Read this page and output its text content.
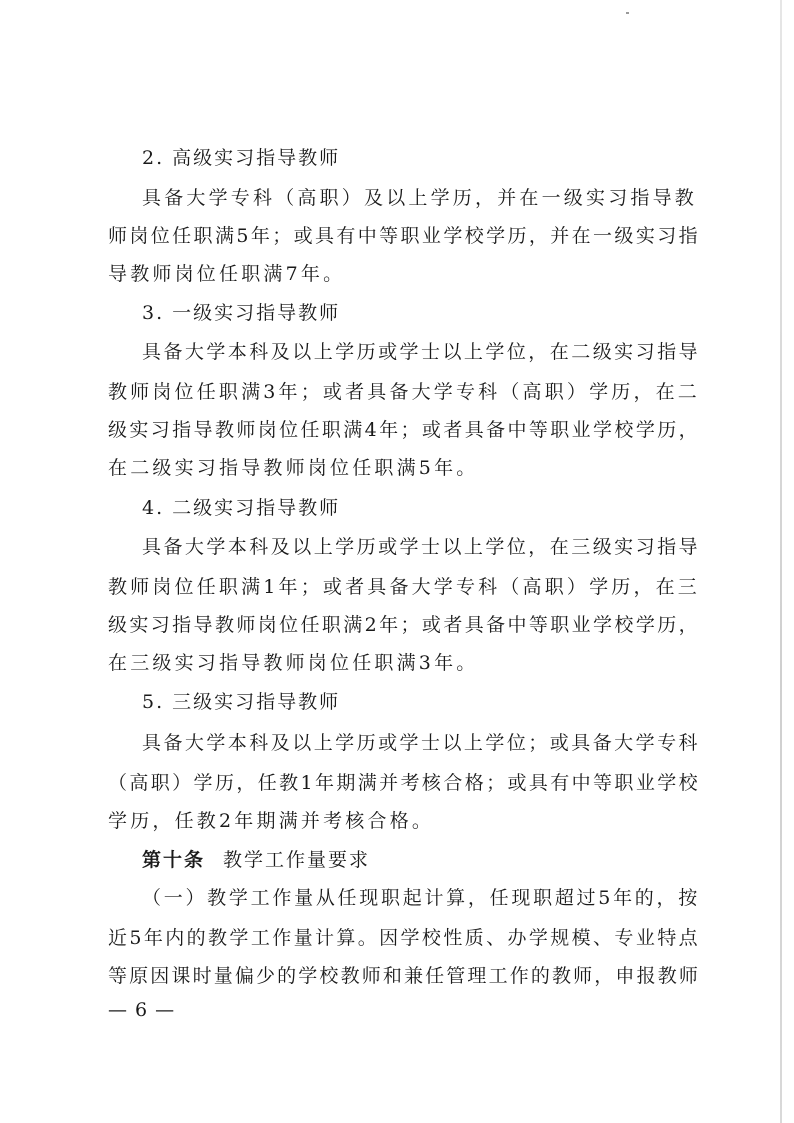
2. 高级实习指导教师
具备大学专科（高职）及以上学历，并在一级实习指导教
师岗位任职满5年；或具有中等职业学校学历，并在一级实习指
导教师岗位任职满7年。
3. 一级实习指导教师
具备大学本科及以上学历或学士以上学位，在二级实习指导
教师岗位任职满3年；或者具备大学专科（高职）学历，在二
级实习指导教师岗位任职满4年；或者具备中等职业学校学历，
在二级实习指导教师岗位任职满5年。
4. 二级实习指导教师
具备大学本科及以上学历或学士以上学位，在三级实习指导
教师岗位任职满1年；或者具备大学专科（高职）学历，在三
级实习指导教师岗位任职满2年；或者具备中等职业学校学历，
在三级实习指导教师岗位任职满3年。
5. 三级实习指导教师
具备大学本科及以上学历或学士以上学位；或具备大学专科
（高职）学历，任教1年期满并考核合格；或具有中等职业学校
学历，任教2年期满并考核合格。
第十条 教学工作量要求
（一）教学工作量从任现职起计算，任现职超过5年的，按
近5年内的教学工作量计算。因学校性质、办学规模、专业特点
等原因课时量偏少的学校教师和兼任管理工作的教师，申报教师
— 6 —
